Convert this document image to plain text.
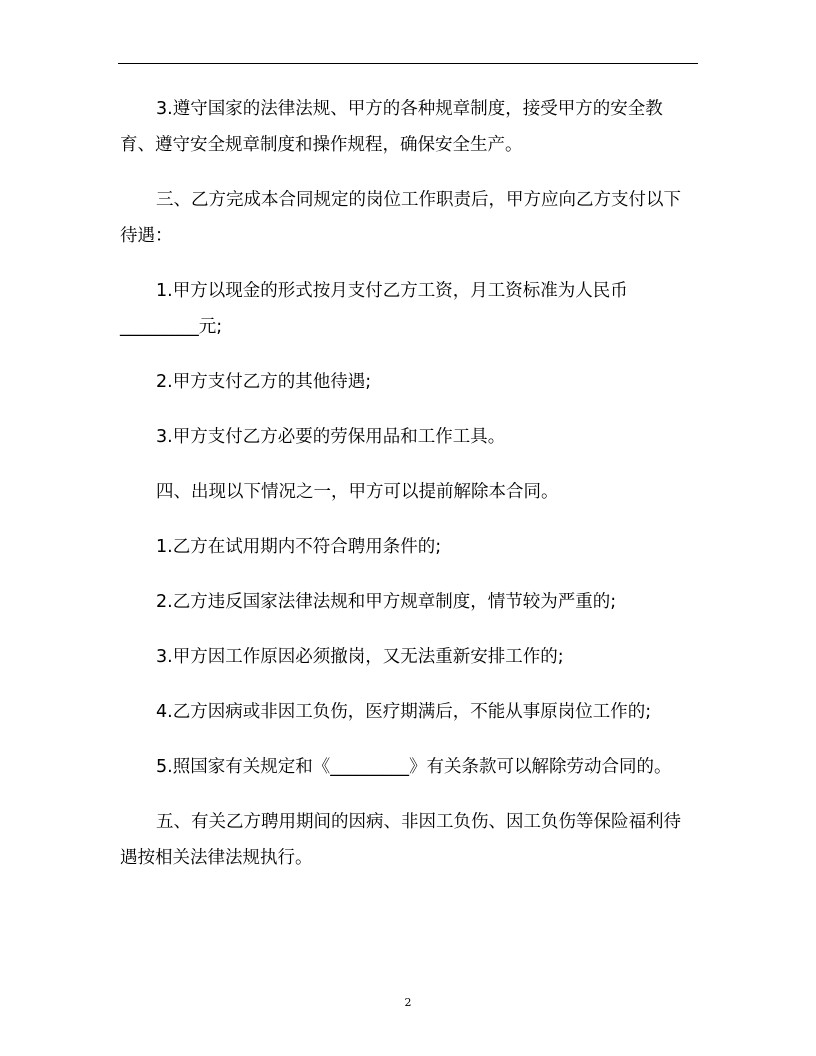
3.遵守国家的法律法规、甲方的各种规章制度，接受甲方的安全教育、遵守安全规章制度和操作规程，确保安全生产。

三、乙方完成本合同规定的岗位工作职责后，甲方应向乙方支付以下待遇：

1.甲方以现金的形式按月支付乙方工资，月工资标准为人民币
_________元;

2.甲方支付乙方的其他待遇;

3.甲方支付乙方必要的劳保用品和工作工具。

四、出现以下情况之一，甲方可以提前解除本合同。

1.乙方在试用期内不符合聘用条件的;

2.乙方违反国家法律法规和甲方规章制度，情节较为严重的;

3.甲方因工作原因必须撤岗，又无法重新安排工作的;

4.乙方因病或非因工负伤，医疗期满后，不能从事原岗位工作的;

5.照国家有关规定和《_________》有关条款可以解除劳动合同的。

五、有关乙方聘用期间的因病、非因工负伤、因工负伤等保险福利待遇按相关法律法规执行。

2
